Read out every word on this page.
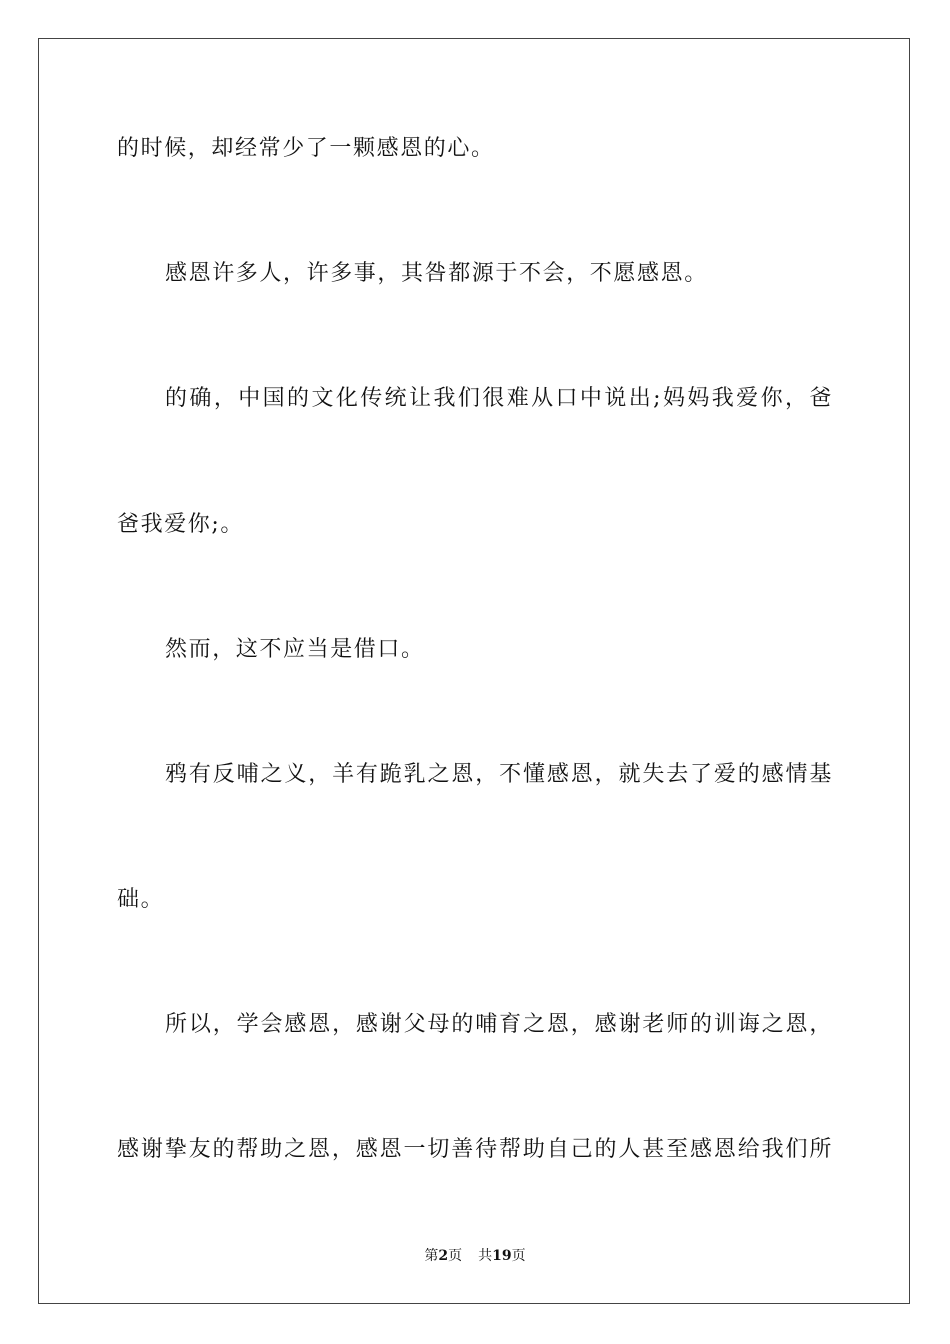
的时候，却经常少了一颗感恩的心。
感恩许多人，许多事，其咎都源于不会，不愿感恩。
的确，中国的文化传统让我们很难从口中说出;妈妈我爱你，爸
爸我爱你;。
然而，这不应当是借口。
鸦有反哺之义，羊有跪乳之恩，不懂感恩，就失去了爱的感情基
础。
所以，学会感恩，感谢父母的哺育之恩，感谢老师的训诲之恩，
感谢挚友的帮助之恩，感恩一切善待帮助自己的人甚至感恩给我们所
第2页 共19页
